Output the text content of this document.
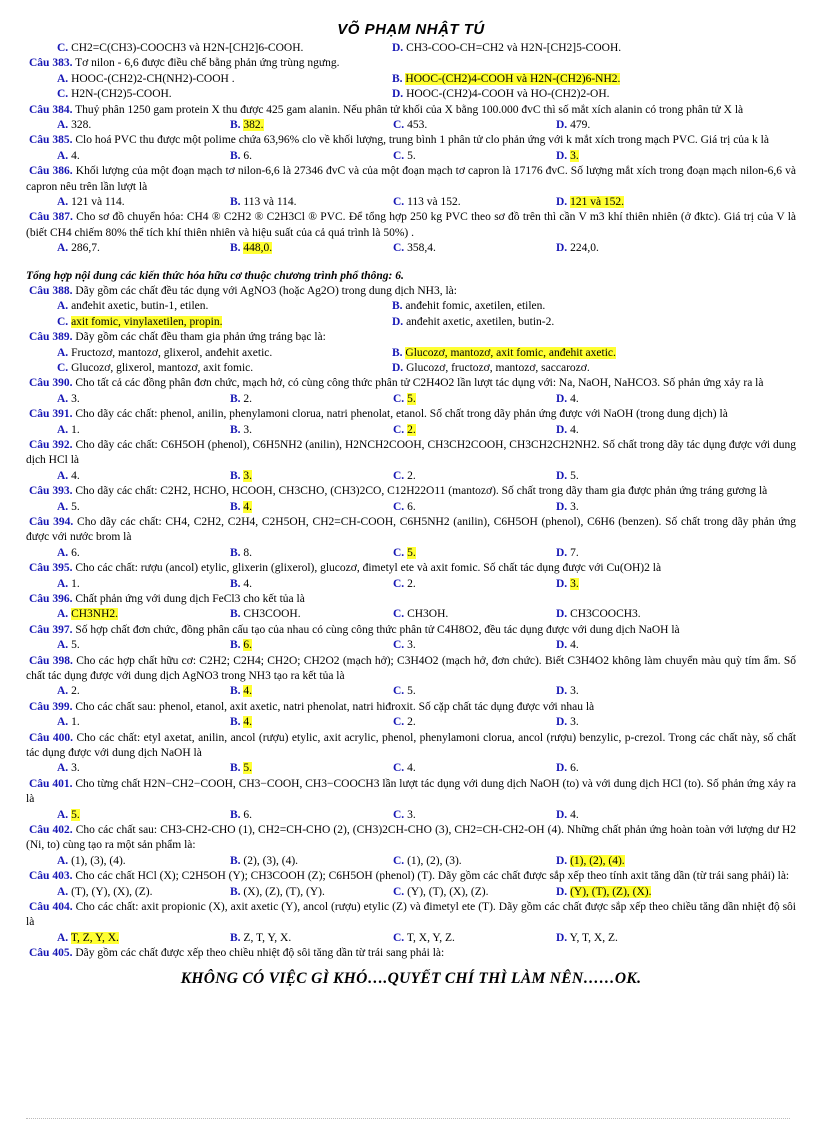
VÕ PHẠM NHẬT TÚ
C. CH2=C(CH3)-COOCH3 và H2N-[CH2]6-COOH.	D. CH3-COO-CH=CH2 và H2N-[CH2]5-COOH.
Câu 383. Tơ nilon - 6,6 được điều chế bằng phản ứng trùng ngưng.
A. HOOC-(CH2)2-CH(NH2)-COOH .	B. HOOC-(CH2)4-COOH và H2N-(CH2)6-NH2.
C. H2N-(CH2)5-COOH.	D. HOOC-(CH2)4-COOH và HO-(CH2)2-OH.
Câu 384. Thuỷ phân 1250 gam protein X thu được 425 gam alanin. Nếu phân tử khối của X bằng 100.000 đvC thì số mắt xích alanin có trong phân tử X là
A. 328.	B. 382.	C. 453.	D. 479.
Câu 385. Clo hoá PVC thu được một polime chứa 63,96% clo về khối lượng, trung bình 1 phân tử clo phản ứng với k mắt xích trong mạch PVC. Giá trị của k là
A. 4.	B. 6.	C. 5.	D. 3.
Câu 386. Khối lượng của một đoạn mạch tơ nilon-6,6 là 27346 đvC và của một đoạn mạch tơ capron là 17176 đvC. Số lượng mắt xích trong đoạn mạch nilon-6,6 và capron nêu trên lần lượt là
A. 121 và 114.	B. 113 và 114.	C. 113 và 152.	D. 121 và 152.
Câu 387. Cho sơ đồ chuyển hóa: CH4 ® C2H2 ® C2H3Cl ® PVC. Để tổng hợp 250 kg PVC theo sơ đồ trên thì cần V m3 khí thiên nhiên (ở đktc). Giá trị của V là (biết CH4 chiếm 80% thể tích khí thiên nhiên và hiệu suất của cả quá trình là 50%) .
A. 286,7.	B. 448,0.	C. 358,4.	D. 224,0.
Tổng hợp nội dung các kiến thức hóa hữu cơ thuộc chương trình phổ thông: 6.
Câu 388. Dãy gồm các chất đều tác dụng với AgNO3 (hoặc Ag2O) trong dung dịch NH3, là:
A. anđehit axetic, butin-1, etilen.	B. anđehit fomic, axetilen, etilen.
C. axit fomic, vinylaxetilen, propin.	D. anđehit axetic, axetilen, butin-2.
Câu 389. Dãy gồm các chất đều tham gia phản ứng tráng bạc là:
A. Fructozơ, mantozơ, glixerol, anđehit axetic.	B. Glucozơ, mantozơ, axit fomic, anđehit axetic.
C. Glucozơ, glixerol, mantozơ, axit fomic.	D. Glucozơ, fructozơ, mantozơ, saccarozơ.
Câu 390. Cho tất cả các đồng phân đơn chức, mạch hở, có cùng công thức phân tử C2H4O2 lần lượt tác dụng với: Na, NaOH, NaHCO3. Số phản ứng xảy ra là
A. 3.	B. 2.	C. 5.	D. 4.
Câu 391. Cho dãy các chất: phenol, anilin, phenylamoni clorua, natri phenolat, etanol. Số chất trong dãy phản ứng được với NaOH (trong dung dịch) là
A. 1.	B. 3.	C. 2.	D. 4.
Câu 392. Cho dãy các chất: C6H5OH (phenol), C6H5NH2 (anilin), H2NCH2COOH, CH3CH2COOH, CH3CH2CH2NH2. Số chất trong dãy tác dụng được với dung dịch HCl là
A. 4.	B. 3.	C. 2.	D. 5.
Câu 393. Cho dãy các chất: C2H2, HCHO, HCOOH, CH3CHO, (CH3)2CO, C12H22O11 (mantozơ). Số chất trong dãy tham gia được phản ứng tráng gương là
A. 5.	B. 4.	C. 6.	D. 3.
Câu 394. Cho dãy các chất: CH4, C2H2, C2H4, C2H5OH, CH2=CH-COOH, C6H5NH2 (anilin), C6H5OH (phenol), C6H6 (benzen). Số chất trong dãy phản ứng được với nước brom là
A. 6.	B. 8.	C. 5.	D. 7.
Câu 395. Cho các chất: rượu (ancol) etylic, glixerin (glixerol), glucozơ, đimetyl ete và axit fomic. Số chất tác dụng được với Cu(OH)2 là
A. 1.	B. 4.	C. 2.	D. 3.
Câu 396. Chất phản ứng với dung dịch FeCl3 cho kết tủa là
A. CH3NH2.	B. CH3COOH.	C. CH3OH.	D. CH3COOCH3.
Câu 397. Số hợp chất đơn chức, đồng phân cấu tạo của nhau có cùng công thức phân tử C4H8O2, đều tác dụng được với dung dịch NaOH là
A. 5.	B. 6.	C. 3.	D. 4.
Câu 398. Cho các hợp chất hữu cơ: C2H2; C2H4; CH2O; CH2O2 (mạch hở); C3H4O2 (mạch hở, đơn chức). Biết C3H4O2 không làm chuyển màu quỳ tím ẩm. Số chất tác dụng được với dung dịch AgNO3 trong NH3 tạo ra kết tủa là
A. 2.	B. 4.	C. 5.	D. 3.
Câu 399. Cho các chất sau: phenol, etanol, axit axetic, natri phenolat, natri hiđroxit. Số cặp chất tác dụng được với nhau là
A. 1.	B. 4.	C. 2.	D. 3.
Câu 400. Cho các chất: etyl axetat, anilin, ancol (rượu) etylic, axit acrylic, phenol, phenylamoni clorua, ancol (rượu) benzylic, p-crezol. Trong các chất này, số chất tác dụng được với dung dịch NaOH là
A. 3.	B. 5.	C. 4.	D. 6.
Câu 401. Cho từng chất H2N−CH2−COOH, CH3−COOH, CH3−COOCH3 lần lượt tác dụng với dung dịch NaOH (to) và với dung dịch HCl (to). Số phản ứng xảy ra là
A. 5.	B. 6.	C. 3.	D. 4.
Câu 402. Cho các chất sau: CH3-CH2-CHO (1), CH2=CH-CHO (2), (CH3)2CH-CHO (3), CH2=CH-CH2-OH (4). Những chất phản ứng hoàn toàn với lượng dư H2 (Ni, to) cùng tạo ra một sản phẩm là:
A. (1), (3), (4).	B. (2), (3), (4).	C. (1), (2), (3).	D. (1), (2), (4).
Câu 403. Cho các chất HCl (X); C2H5OH (Y); CH3COOH (Z); C6H5OH (phenol) (T). Dãy gồm các chất được sắp xếp theo tính axit tăng dần (từ trái sang phải) là:
A. (T), (Y), (X), (Z).	B. (X), (Z), (T), (Y).	C. (Y), (T), (X), (Z).	D. (Y), (T), (Z), (X).
Câu 404. Cho các chất: axit propionic (X), axit axetic (Y), ancol (rượu) etylic (Z) và đimetyl ete (T). Dãy gồm các chất được sắp xếp theo chiều tăng dần nhiệt độ sôi là
A. T, Z, Y, X.	B. Z, T, Y, X.	C. T, X, Y, Z.	D. Y, T, X, Z.
Câu 405. Dãy gồm các chất được xếp theo chiều nhiệt độ sôi tăng dần từ trái sang phải là:
KHÔNG CÓ VIỆC GÌ KHÓ….QUYẾT CHÍ THÌ LÀM NÊN……OK.
